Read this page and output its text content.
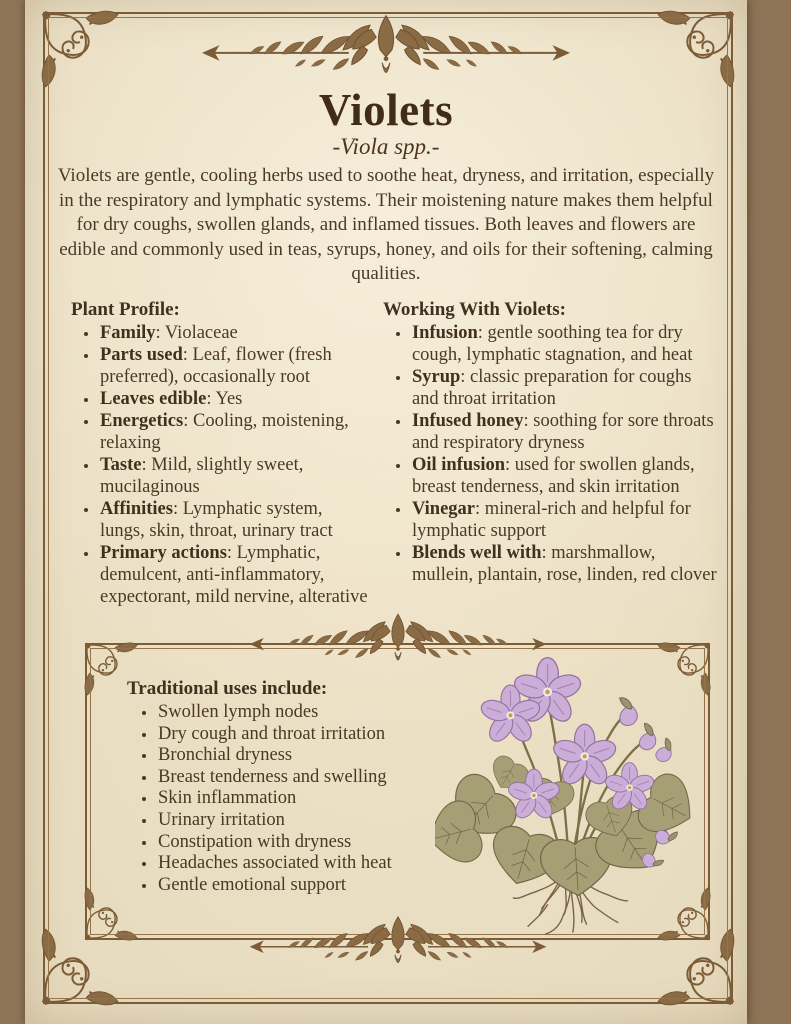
Violets
-Viola spp.-

Violets are gentle, cooling herbs used to soothe heat, dryness, and irritation, especially in the respiratory and lymphatic systems. Their moistening nature makes them helpful for dry coughs, swollen glands, and inflamed tissues. Both leaves and flowers are edible and commonly used in teas, syrups, honey, and oils for their softening, calming qualities.

Plant Profile:
• Family: Violaceae
• Parts used: Leaf, flower (fresh preferred), occasionally root
• Leaves edible: Yes
• Energetics: Cooling, moistening, relaxing
• Taste: Mild, slightly sweet, mucilaginous
• Affinities: Lymphatic system, lungs, skin, throat, urinary tract
• Primary actions: Lymphatic, demulcent, anti-inflammatory, expectorant, mild nervine, alterative
Working With Violets:
• Infusion: gentle soothing tea for dry cough, lymphatic stagnation, and heat
• Syrup: classic preparation for coughs and throat irritation
• Infused honey: soothing for sore throats and respiratory dryness
• Oil infusion: used for swollen glands, breast tenderness, and skin irritation
• Vinegar: mineral-rich and helpful for lymphatic support
• Blends well with: marshmallow, mullein, plantain, rose, linden, red clover
Traditional uses include:
• Swollen lymph nodes
• Dry cough and throat irritation
• Bronchial dryness
• Breast tenderness and swelling
• Skin inflammation
• Urinary irritation
• Constipation with dryness
• Headaches associated with heat
• Gentle emotional support
